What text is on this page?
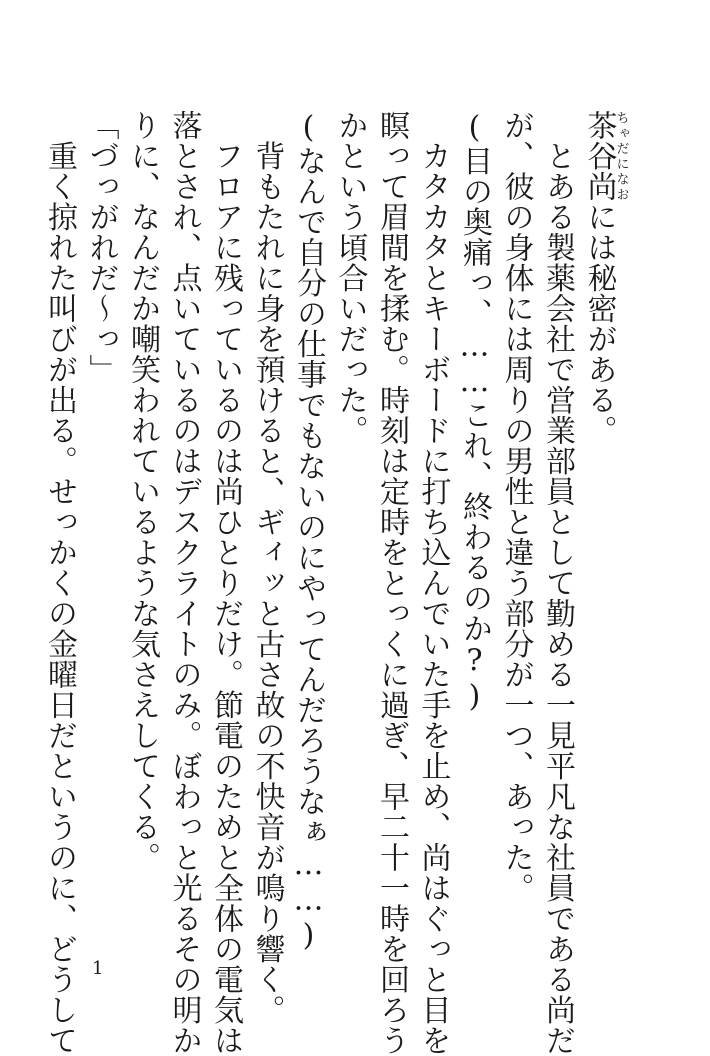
茶谷尚ちゃだになおには秘密がある。

　とある製薬会社で営業部員として勤める一見平凡な社員である尚だ

が、彼の身体には周りの男性と違う部分が一つ、あった。

(目の奥痛っ、……これ、終わるのか?)

　カタカタとキーボードに打ち込んでいた手を止め、尚はぐっと目を

瞑って眉間を揉む。時刻は定時をとっくに過ぎ、早二十一時を回ろう

かという頃合いだった。

(なんで自分の仕事でもないのにやってんだろうなぁ……)

　背もたれに身を預けると、ギィッと古さ故の不快音が鳴り響く。

　フロアに残っているのは尚ひとりだけ。節電のためと全体の電気は

落とされ、点いているのはデスクライトのみ。ぼわっと光るその明か

りに、なんだか嘲笑われているような気さえしてくる。

「づっがれだ〜っ」

　重く掠れた叫びが出る。せっかくの金曜日だというのに、どうして 1
